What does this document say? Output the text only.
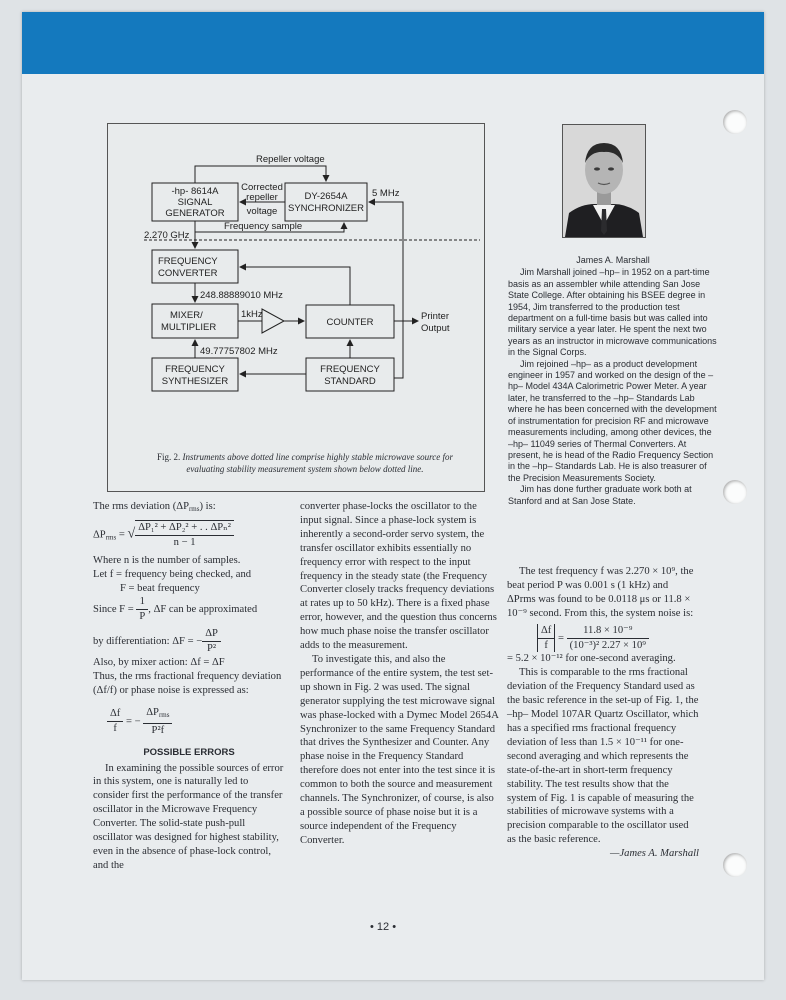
Repeller voltage
-hp- 8614A
SIGNAL
GENERATOR
Corrected
repeller
voltage
DY-2654A
SYNCHRONIZER
5 MHz
Frequency sample
2.270 GHz
FREQUENCY
CONVERTER
248.88889010 MHz
MIXER/
MULTIPLIER
1kHz
COUNTER
Printer
Output
49.77757802 MHz
FREQUENCY
SYNTHESIZER
FREQUENCY
STANDARD
Fig. 2. Instruments above dotted line comprise highly stable microwave source for evaluating stability measurement system shown below dotted line.
James A. Marshall

Jim Marshall joined –hp– in 1952 on a part-time basis as an assembler while attending San Jose State College. After obtaining his BSEE degree in 1954, Jim transferred to the production test department on a full-time basis but was called into military service a year later. He spent the next two years as an instructor in microwave communications in the Signal Corps.

Jim rejoined –hp– as a product development engineer in 1957 and worked on the design of the –hp– Model 434A Calorimetric Power Meter. A year later, he transferred to the –hp– Standards Lab where he has been concerned with the development of instrumentation for precision RF and microwave measurements including, among other devices, the –hp– 11049 series of Thermal Converters. At present, he is head of the Radio Frequency Section in the –hp– Standards Lab. He is also treasurer of the Precision Measurements Society.

Jim has done further graduate work both at Stanford and at San Jose State.

The rms deviation $(\Delta P_{rms})$ is:

$\Delta P_{rms}$ = √ $\frac{\text{ΔP₁² + ΔP₂² + . . ΔPₙ²}}{n - 1}$

Where n is the number of samples.

Let f = frequency being checked, and

F = beat frequency

Since $F = \frac{1}{P}$ , ΔF can be approximated

by differentiation: ΔF = − $\frac{\Delta P}{\text{P²}}$

Also, by mixer action: Δf = ΔF

Thus, the rms fractional frequency deviation (Δf/f) or phase noise is expressed as:

$\frac{\Delta f}{f}$ = − $\frac{\Delta P_{rms}}{\text{P²f}}$

POSSIBLE ERRORS

In examining the possible sources of error in this system, one is naturally led to consider first the performance of the transfer oscillator in the Microwave Frequency Converter. The solid-state push-pull oscillator was designed for highest stability, even in the absence of phase-lock control, and the

converter phase-locks the oscillator to the input signal. Since a phase-lock system is inherently a second-order servo system, the transfer oscillator exhibits essentially no frequency error with respect to the input frequency in the steady state (the Frequency Converter closely tracks frequency deviations at rates up to 50 kHz). There is a fixed phase error, however, and the question thus concerns how much phase noise the transfer oscillator adds to the measurement.

To investigate this, and also the performance of the entire system, the test set-up shown in Fig. 2 was used. The signal generator supplying the test microwave signal was phase-locked with a Dymec Model 2654A Synchronizer to the same Frequency Standard that drives the Synthesizer and Counter. Any phase noise in the Frequency Standard therefore does not enter into the test since it is common to both the source and measurement channels. The Synchronizer, of course, is also a possible source of phase noise but it is a source independent of the Frequency Converter.

The test frequency f was 2.270 × 10⁹, the beat period P was 0.001 s (1 kHz) and ΔPrms was found to be 0.0118 μs or 11.8 × 10⁻⁹ second. From this, the system noise is:

$\frac{\Delta f}{f} = \frac{\text{11.8 × 10⁻⁹}}{\text{(10⁻³)² 2.27 × 10⁹}}$

= 5.2 × 10⁻¹² for one-second averaging.

This is comparable to the rms fractional deviation of the Frequency Standard used as the basic reference in the set-up of Fig. 1, the –hp– Model 107AR Quartz Oscillator, which has a specified rms fractional frequency deviation of less than 1.5 × 10⁻¹¹ for one-second averaging and which represents the state-of-the-art in short-term frequency stability. The test results show that the system of Fig. 1 is capable of measuring the stabilities of microwave systems with a precision comparable to the oscillator used as the basic reference.

—James A. Marshall

• 12 •
